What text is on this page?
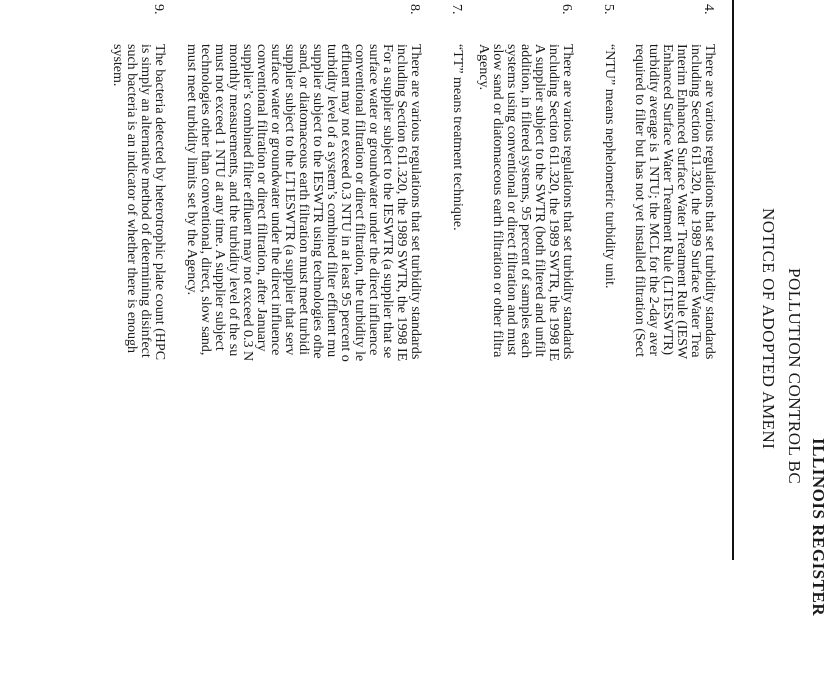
ILLINOIS REGISTER
POLLUTION CONTROL BC
NOTICE OF ADOPTED AMENI
4.
There are various regulations that set turbidity standards
including Section 611.320, the 1989 Surface Water Trea
Interim Enhanced Surface Water Treatment Rule (IESW
Enhanced Surface Water Treatment Rule (LT1ESWTR)
turbidity average is 1 NTU; the MCL for the 2-day aver
required to filter but has not yet installed filtration (Sect
5.
“NTU” means nephelometric turbidity unit.
6.
There are various regulations that set turbidity standards
including Section 611.320, the 1989 SWTR, the 1998 IE
A supplier subject to the SWTR (both filtered and unfilt
addition, in filtered systems, 95 percent of samples each
systems using conventional or direct filtration and must
slow sand or diatomaceous earth filtration or other filtra
Agency.
7.
“TT” means treatment technique.
8.
There are various regulations that set turbidity standards
including Section 611.320, the 1989 SWTR, the 1998 IE
For a supplier subject to the IESWTR (a supplier that se
surface water or groundwater under the direct influence
conventional filtration or direct filtration, the turbidity le
effluent may not exceed 0.3 NTU in at least 95 percent o
turbidity level of a system’s combined filter effluent mu
supplier subject to the IESWTR using technologies othe
sand, or diatomaceous earth filtration must meet turbidi
supplier subject to the LT1ESWTR (a supplier that serv
surface water or groundwater under the direct influence
conventional filtration or direct filtration, after January
supplier’s combined filter effluent may not exceed 0.3 N
monthly measurements, and the turbidity level of the su
must not exceed 1 NTU at any time. A supplier subject
technologies other than conventional, direct, slow sand,
must meet turbidity limits set by the Agency.
9.
The bacteria detected by heterotrophic plate count (HPC
is simply an alternative method of determining disinfect
such bacteria is an indicator of whether there is enough
system.
